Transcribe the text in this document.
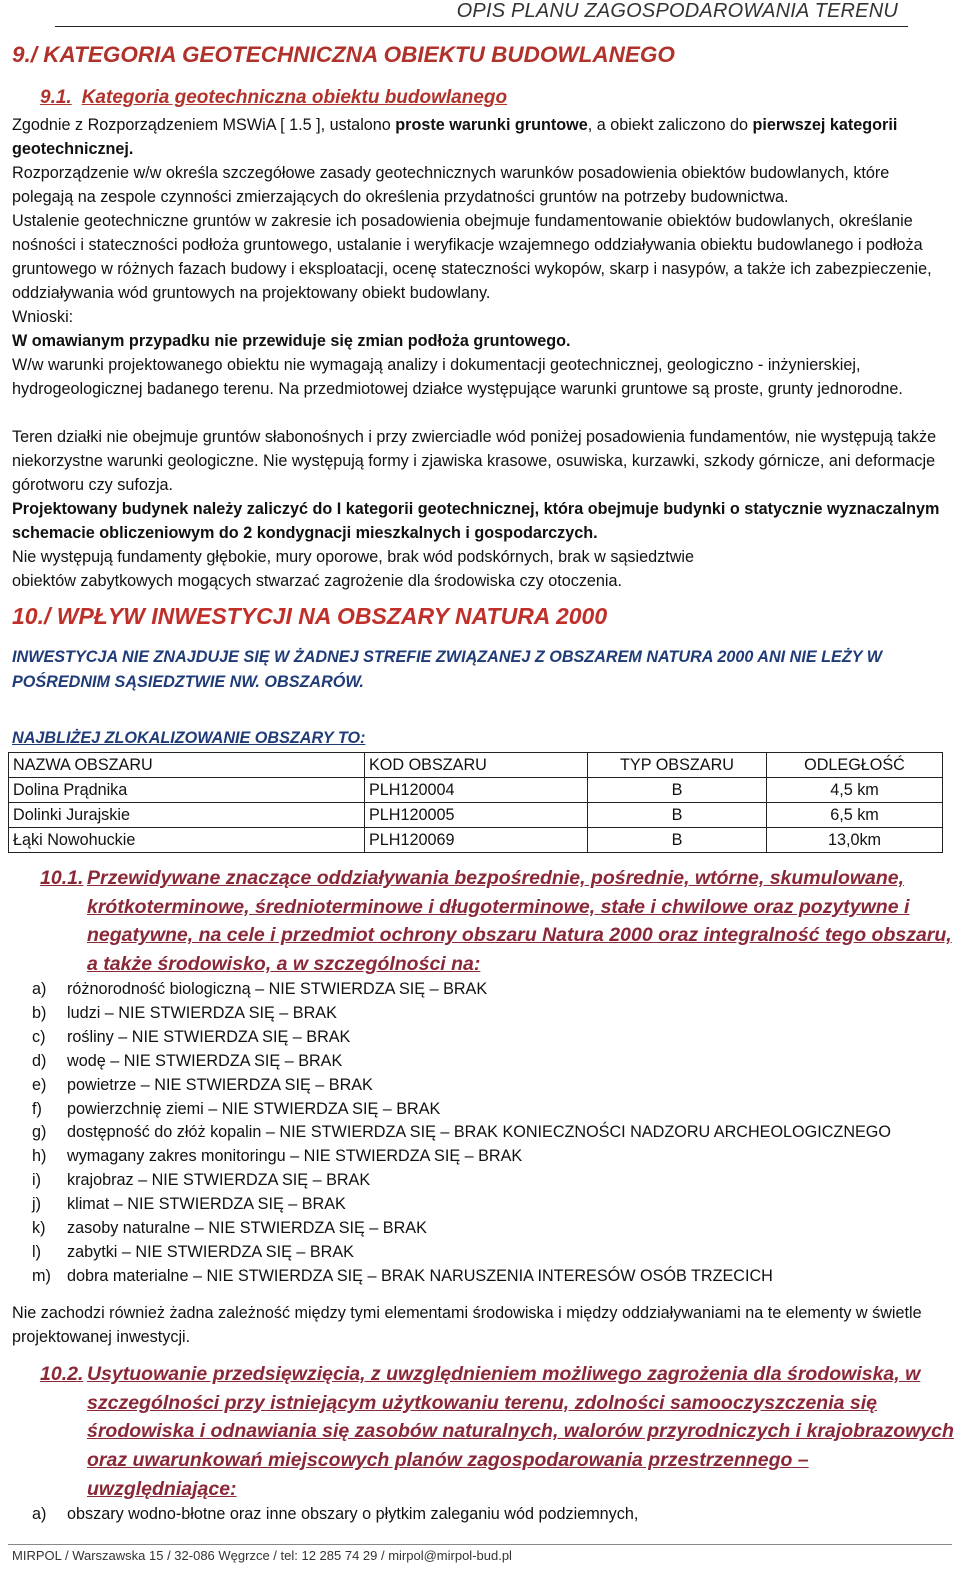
OPIS PLANU ZAGOSPODAROWANIA TERENU
9./ KATEGORIA GEOTECHNICZNA OBIEKTU BUDOWLANEGO
9.1. Kategoria geotechniczna obiektu budowlanego

Zgodnie z Rozporządzeniem MSWiA [ 1.5 ], ustalono proste warunki gruntowe, a obiekt zaliczono do pierwszej kategorii geotechnicznej.

Rozporządzenie w/w określa szczegółowe zasady geotechnicznych warunków posadowienia obiektów budowlanych, które polegają na zespole czynności zmierzających do określenia przydatności gruntów na potrzeby budownictwa.

Ustalenie geotechniczne gruntów w zakresie ich posadowienia obejmuje fundamentowanie obiektów budowlanych, określanie nośności i stateczności podłoża gruntowego, ustalanie i weryfikacje wzajemnego oddziaływania obiektu budowlanego i podłoża gruntowego w różnych fazach budowy i eksploatacji, ocenę stateczności wykopów, skarp i nasypów, a także ich zabezpieczenie, oddziaływania wód gruntowych na projektowany obiekt budowlany.

Wnioski:

W omawianym przypadku nie przewiduje się zmian podłoża gruntowego.

W/w warunki projektowanego obiektu nie wymagają analizy i dokumentacji geotechnicznej, geologiczno - inżynierskiej, hydrogeologicznej badanego terenu. Na przedmiotowej działce występujące warunki gruntowe są proste, grunty jednorodne.

Teren działki nie obejmuje gruntów słabonośnych i przy zwierciadle wód poniżej posadowienia fundamentów, nie występują także niekorzystne warunki geologiczne. Nie występują formy i zjawiska krasowe, osuwiska, kurzawki, szkody górnicze, ani deformacje górotworu czy sufozja.

Projektowany budynek należy zaliczyć do I kategorii geotechnicznej, która obejmuje budynki o statycznie wyznaczalnym schemacie obliczeniowym do 2 kondygnacji mieszkalnych i gospodarczych.

Nie występują fundamenty głębokie, mury oporowe, brak wód podskórnych, brak w sąsiedztwie
obiektów zabytkowych mogących stwarzać zagrożenie dla środowiska czy otoczenia.

10./ WPŁYW INWESTYCJI NA OBSZARY NATURA 2000
INWESTYCJA NIE ZNAJDUJE SIĘ W ŻADNEJ STREFIE ZWIĄZANEJ Z OBSZAREM NATURA 2000 ANI NIE LEŻY W POŚREDNIM SĄSIEDZTWIE NW. OBSZARÓW.
NAJBLIŻEJ ZLOKALIZOWANIE OBSZARY TO:
NAZWA OBSZARU	KOD OBSZARU	TYP OBSZARU	ODLEGŁOŚĆ
Dolina Prądnika	PLH120004	B	4,5 km
Dolinki Jurajskie	PLH120005	B	6,5 km
Łąki Nowohuckie	PLH120069	B	13,0km
10.1. Przewidywane znaczące oddziaływania bezpośrednie, pośrednie, wtórne, skumulowane, krótkoterminowe, średnioterminowe i długoterminowe, stałe i chwilowe oraz pozytywne i negatywne, na cele i przedmiot ochrony obszaru Natura 2000 oraz integralność tego obszaru, a także środowisko, a w szczególności na:
a) różnorodność biologiczną – NIE STWIERDZA SIĘ – BRAK
b) ludzi – NIE STWIERDZA SIĘ – BRAK
c) rośliny – NIE STWIERDZA SIĘ – BRAK
d) wodę – NIE STWIERDZA SIĘ – BRAK
e) powietrze – NIE STWIERDZA SIĘ – BRAK
f) powierzchnię ziemi – NIE STWIERDZA SIĘ – BRAK
g) dostępność do złóż kopalin – NIE STWIERDZA SIĘ – BRAK KONIECZNOŚCI NADZORU ARCHEOLOGICZNEGO
h) wymagany zakres monitoringu – NIE STWIERDZA SIĘ – BRAK
i) krajobraz – NIE STWIERDZA SIĘ – BRAK
j) klimat – NIE STWIERDZA SIĘ – BRAK
k) zasoby naturalne – NIE STWIERDZA SIĘ – BRAK
l) zabytki – NIE STWIERDZA SIĘ – BRAK
m) dobra materialne – NIE STWIERDZA SIĘ – BRAK NARUSZENIA INTERESÓW OSÓB TRZECICH

Nie zachodzi również żadna zależność między tymi elementami środowiska i między oddziaływaniami na te elementy w świetle projektowanej inwestycji.

10.2. Usytuowanie przedsięwzięcia, z uwzględnieniem możliwego zagrożenia dla środowiska, w szczególności przy istniejącym użytkowaniu terenu, zdolności samooczyszczenia się środowiska i odnawiania się zasobów naturalnych, walorów przyrodniczych i krajobrazowych oraz uwarunkowań miejscowych planów zagospodarowania przestrzennego – uwzględniające:
a) obszary wodno-błotne oraz inne obszary o płytkim zaleganiu wód podziemnych,
MIRPOL / Warszawska 15 / 32-086 Węgrzce / tel: 12 285 74 29 / mirpol@mirpol-bud.pl
